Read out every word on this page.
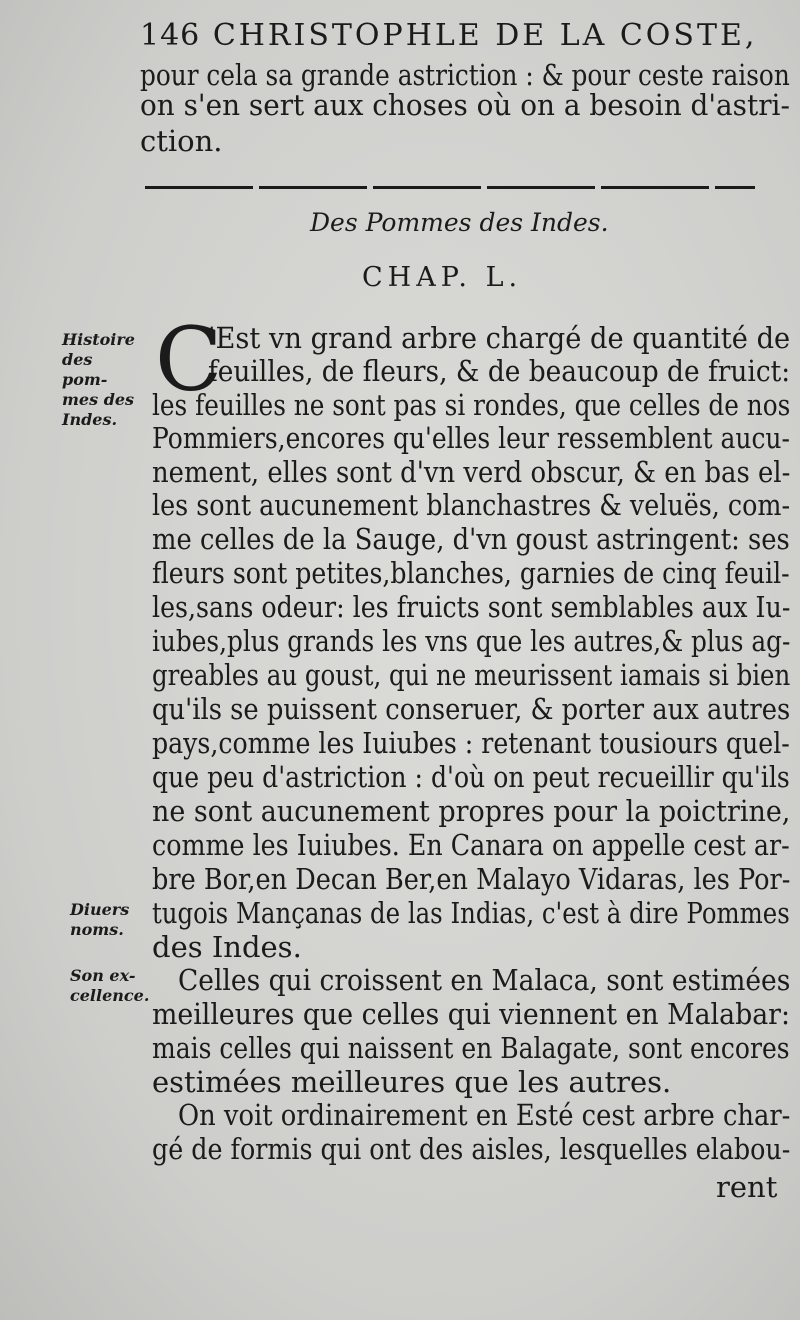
146 CHRISTOPHLE DE LA COSTE,
pour cela sa grande astriction : & pour ceste raison
on s'en sert aux choses où on a besoin d'astri-
ction.
Des Pommes des Indes.
CHAP. L.
C
'Est vn grand arbre chargé de quantité de
feuilles, de fleurs, & de beaucoup de fruict:
les feuilles ne sont pas si rondes, que celles de nos
Pommiers,encores qu'elles leur ressemblent aucu-
nement, elles sont d'vn verd obscur, & en bas el-
les sont aucunement blanchastres & veluës, com-
me celles de la Sauge, d'vn goust astringent: ses
fleurs sont petites,blanches, garnies de cinq feuil-
les,sans odeur: les fruicts sont semblables aux Iu-
iubes,plus grands les vns que les autres,& plus ag-
greables au goust, qui ne meurissent iamais si bien
qu'ils se puissent conseruer, & porter aux autres
pays,comme les Iuiubes : retenant tousiours quel-
que peu d'astriction : d'où on peut recueillir qu'ils
ne sont aucunement propres pour la poictrine,
comme les Iuiubes. En Canara on appelle cest ar-
bre Bor,en Decan Ber,en Malayo Vidaras, les Por-
tugois Mançanas de las Indias, c'est à dire Pommes
des Indes.
Celles qui croissent en Malaca, sont estimées
meilleures que celles qui viennent en Malabar:
mais celles qui naissent en Balagate, sont encores
estimées meilleures que les autres.
On voit ordinairement en Esté cest arbre char-
gé de formis qui ont des aisles, lesquelles elabou-
rent
Histoire des pom- mes des Indes.
Diuers noms.
Son ex- cellence.
